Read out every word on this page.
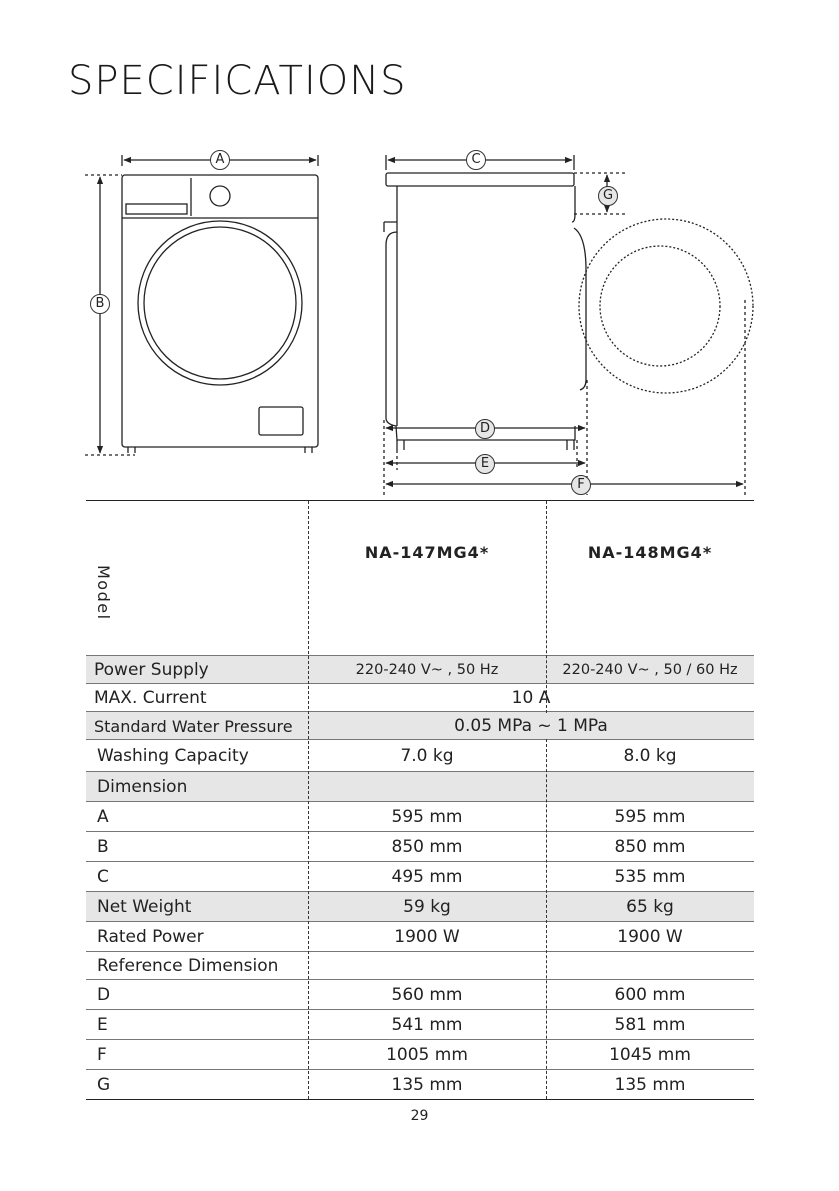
SPECIFICATIONS
A
B
C
G
D
E
F
Model
NA-147MG4*	NA-148MG4*
Power Supply	220-240 V~ , 50 Hz	220-240 V~ , 50 / 60 Hz
MAX. Current	10 A
Standard Water Pressure	0.05 MPa ~ 1 MPa
Washing Capacity	7.0 kg	8.0 kg
Dimension
A	595 mm	595 mm
B	850 mm	850 mm
C	495 mm	535 mm
Net Weight	59 kg	65 kg
Rated Power	1900 W	1900 W
Reference Dimension
D	560 mm	600 mm
E	541 mm	581 mm
F	1005 mm	1045 mm
G	135 mm	135 mm
29
